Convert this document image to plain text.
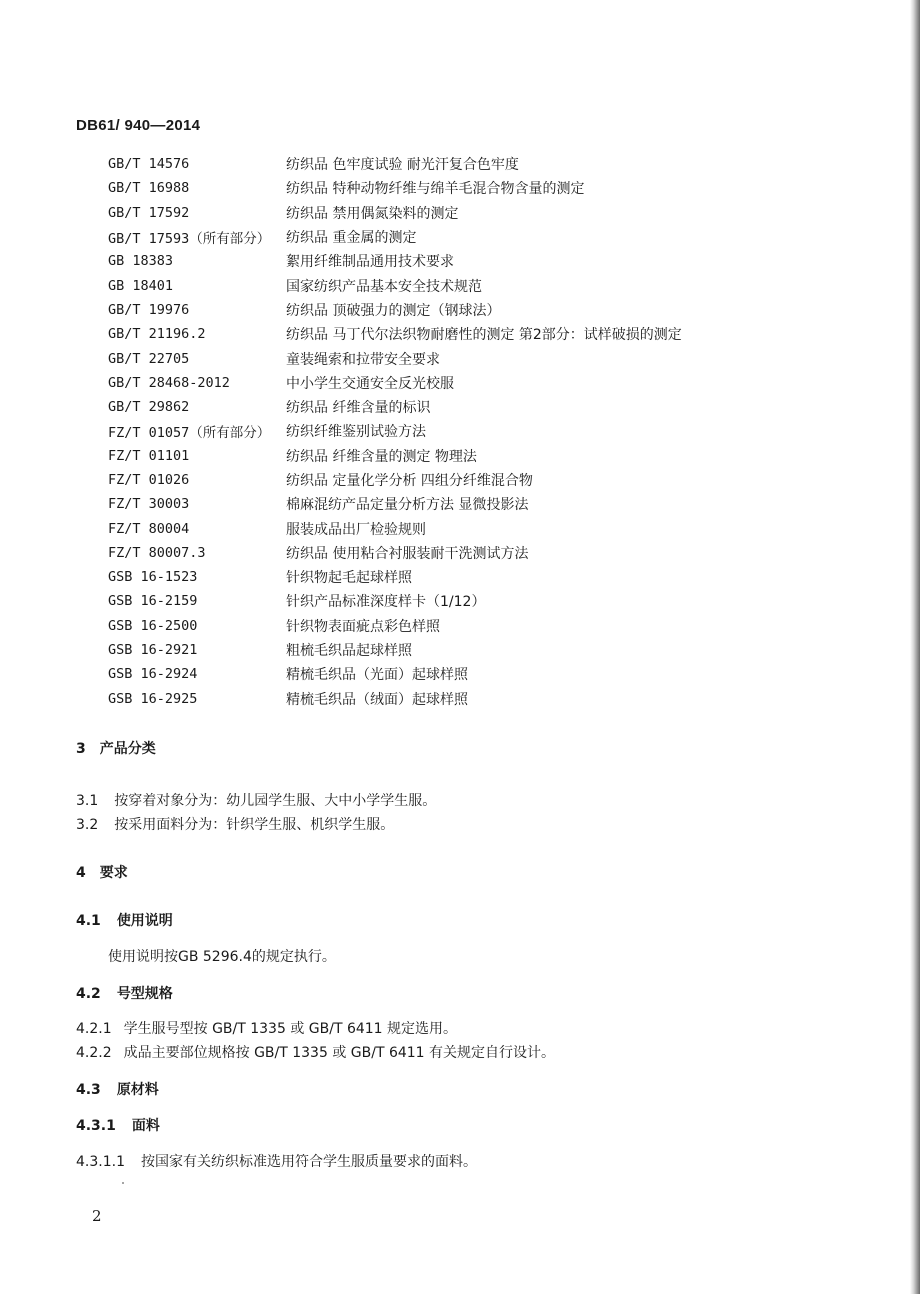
DB61/ 940—2014
GB/T 14576	纺织品 色牢度试验 耐光汗复合色牢度
GB/T 16988	纺织品 特种动物纤维与绵羊毛混合物含量的测定
GB/T 17592	纺织品 禁用偶氮染料的测定
GB/T 17593（所有部分）	纺织品 重金属的测定
GB 18383	絮用纤维制品通用技术要求
GB 18401	国家纺织产品基本安全技术规范
GB/T 19976	纺织品 顶破强力的测定（钢球法）
GB/T 21196.2	纺织品 马丁代尔法织物耐磨性的测定 第2部分：试样破损的测定
GB/T 22705	童装绳索和拉带安全要求
GB/T 28468-2012	中小学生交通安全反光校服
GB/T 29862	纺织品 纤维含量的标识
FZ/T 01057（所有部分）	纺织纤维鉴别试验方法
FZ/T 01101	纺织品 纤维含量的测定 物理法
FZ/T 01026	纺织品 定量化学分析 四组分纤维混合物
FZ/T 30003	棉麻混纺产品定量分析方法 显微投影法
FZ/T 80004	服装成品出厂检验规则
FZ/T 80007.3	纺织品 使用粘合衬服装耐干洗测试方法
GSB 16-1523	针织物起毛起球样照
GSB 16-2159	针织产品标准深度样卡（1/12）
GSB 16-2500	针织物表面疵点彩色样照
GSB 16-2921	粗梳毛织品起球样照
GSB 16-2924	精梳毛织品（光面）起球样照
GSB 16-2925	精梳毛织品（绒面）起球样照
3 产品分类
3.1 按穿着对象分为：幼儿园学生服、大中小学学生服。
3.2 按采用面料分为：针织学生服、机织学生服。
4 要求
4.1 使用说明
使用说明按GB 5296.4的规定执行。
4.2 号型规格
4.2.1 学生服号型按 GB/T 1335 或 GB/T 6411 规定选用。
4.2.2 成品主要部位规格按 GB/T 1335 或 GB/T 6411 有关规定自行设计。
4.3 原材料
4.3.1 面料
4.3.1.1 按国家有关纺织标准选用符合学生服质量要求的面料。
2
